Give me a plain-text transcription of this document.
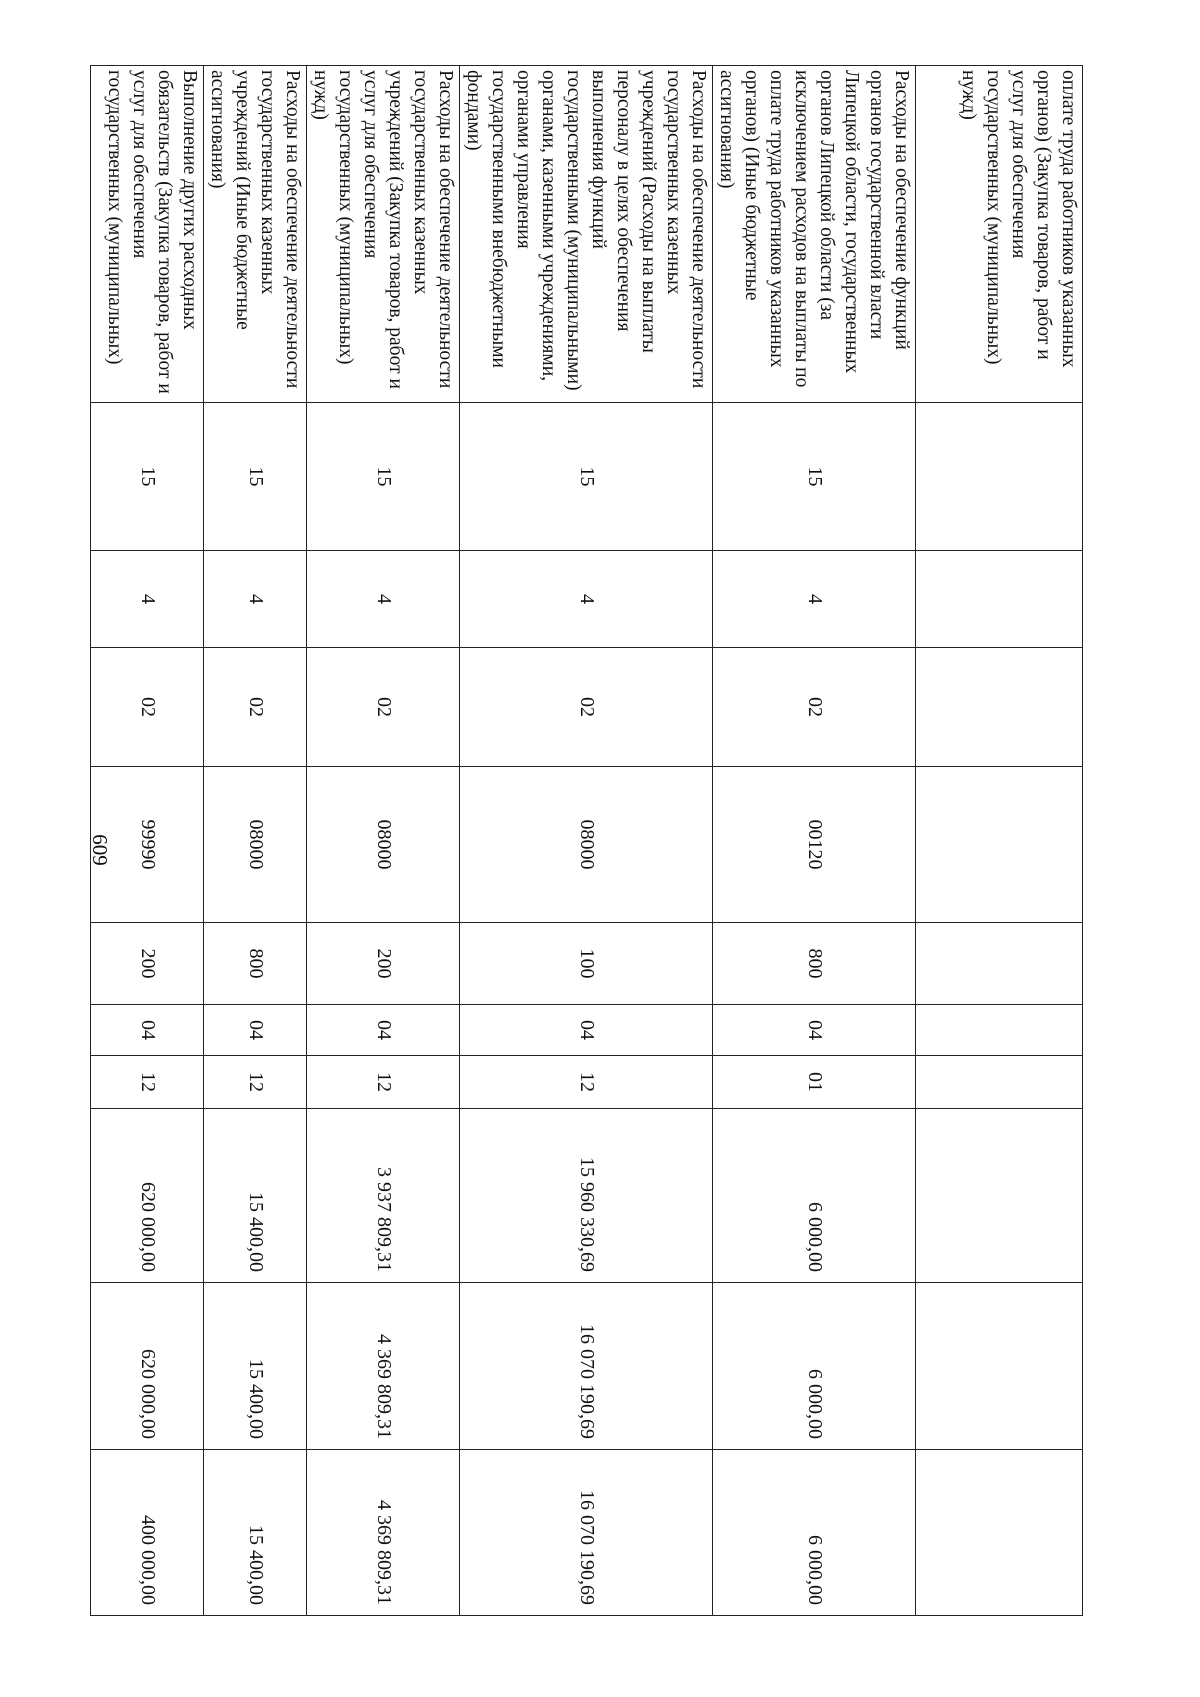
609
оплате труда работников указанных органов) (Закупка товаров, работ и услуг для обеспечения государственных (муниципальных) нужд)										
Расходы на обеспечение функций органов государственной власти Липецкой области, государственных органов Липецкой области (за исключением расходов на выплаты по оплате труда работников указанных органов) (Иные бюджетные ассигнования)	15	4	02	00120	800	04	01	6 000,00	6 000,00	6 000,00
Расходы на обеспечение деятельности государственных казенных учреждений (Расходы на выплаты персоналу в целях обеспечения выполнения функций государственными (муниципальными) органами, казенными учреждениями, органами управления государственными внебюджетными фондами)	15	4	02	08000	100	04	12	15 960 330,69	16 070 190,69	16 070 190,69
Расходы на обеспечение деятельности государственных казенных учреждений (Закупка товаров, работ и услуг для обеспечения государственных (муниципальных) нужд)	15	4	02	08000	200	04	12	3 937 809,31	4 369 809,31	4 369 809,31
Расходы на обеспечение деятельности государственных казенных учреждений (Иные бюджетные ассигнования)	15	4	02	08000	800	04	12	15 400,00	15 400,00	15 400,00
Выполнение других расходных обязательств (Закупка товаров, работ и услуг для обеспечения государственных (муниципальных)	15	4	02	99990	200	04	12	620 000,00	620 000,00	400 000,00
